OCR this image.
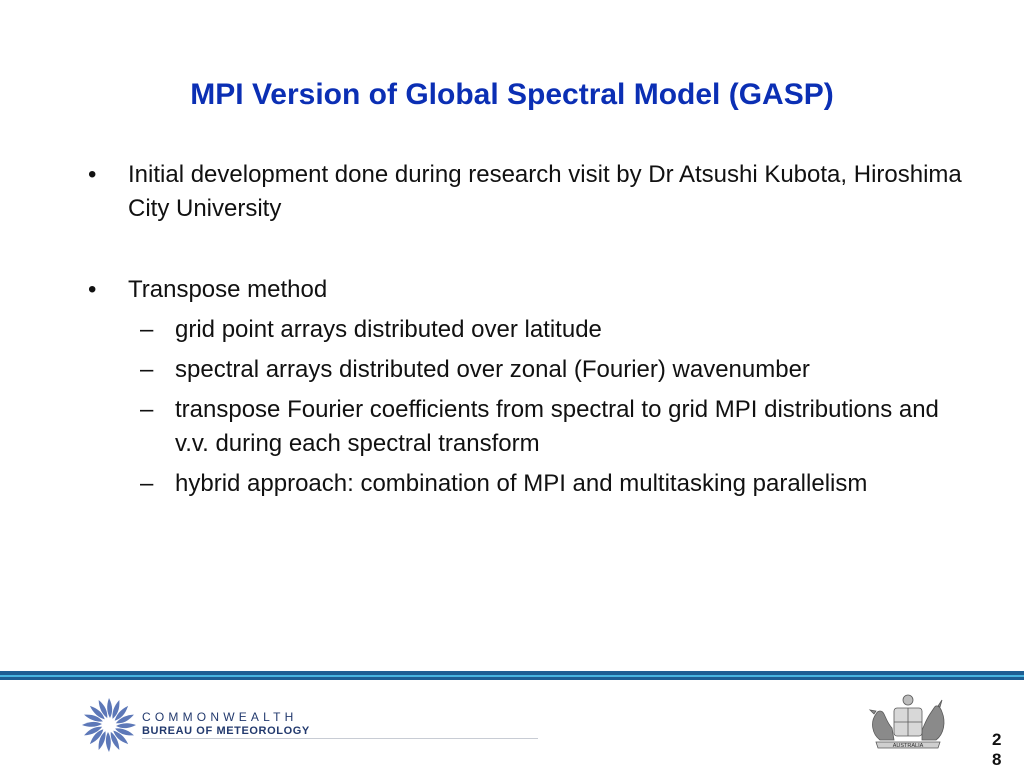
MPI Version of Global Spectral Model (GASP)
• Initial development done during research visit by Dr Atsushi Kubota, Hiroshima City University
• Transpose method
– grid point arrays distributed over latitude
– spectral arrays distributed over zonal (Fourier) wavenumber
– transpose Fourier coefficients from spectral to grid MPI distributions and v.v. during each spectral transform
– hybrid approach: combination of MPI and multitasking parallelism
COMMONWEALTH
BUREAU OF METEOROLOGY
AUSTRALIA	28
